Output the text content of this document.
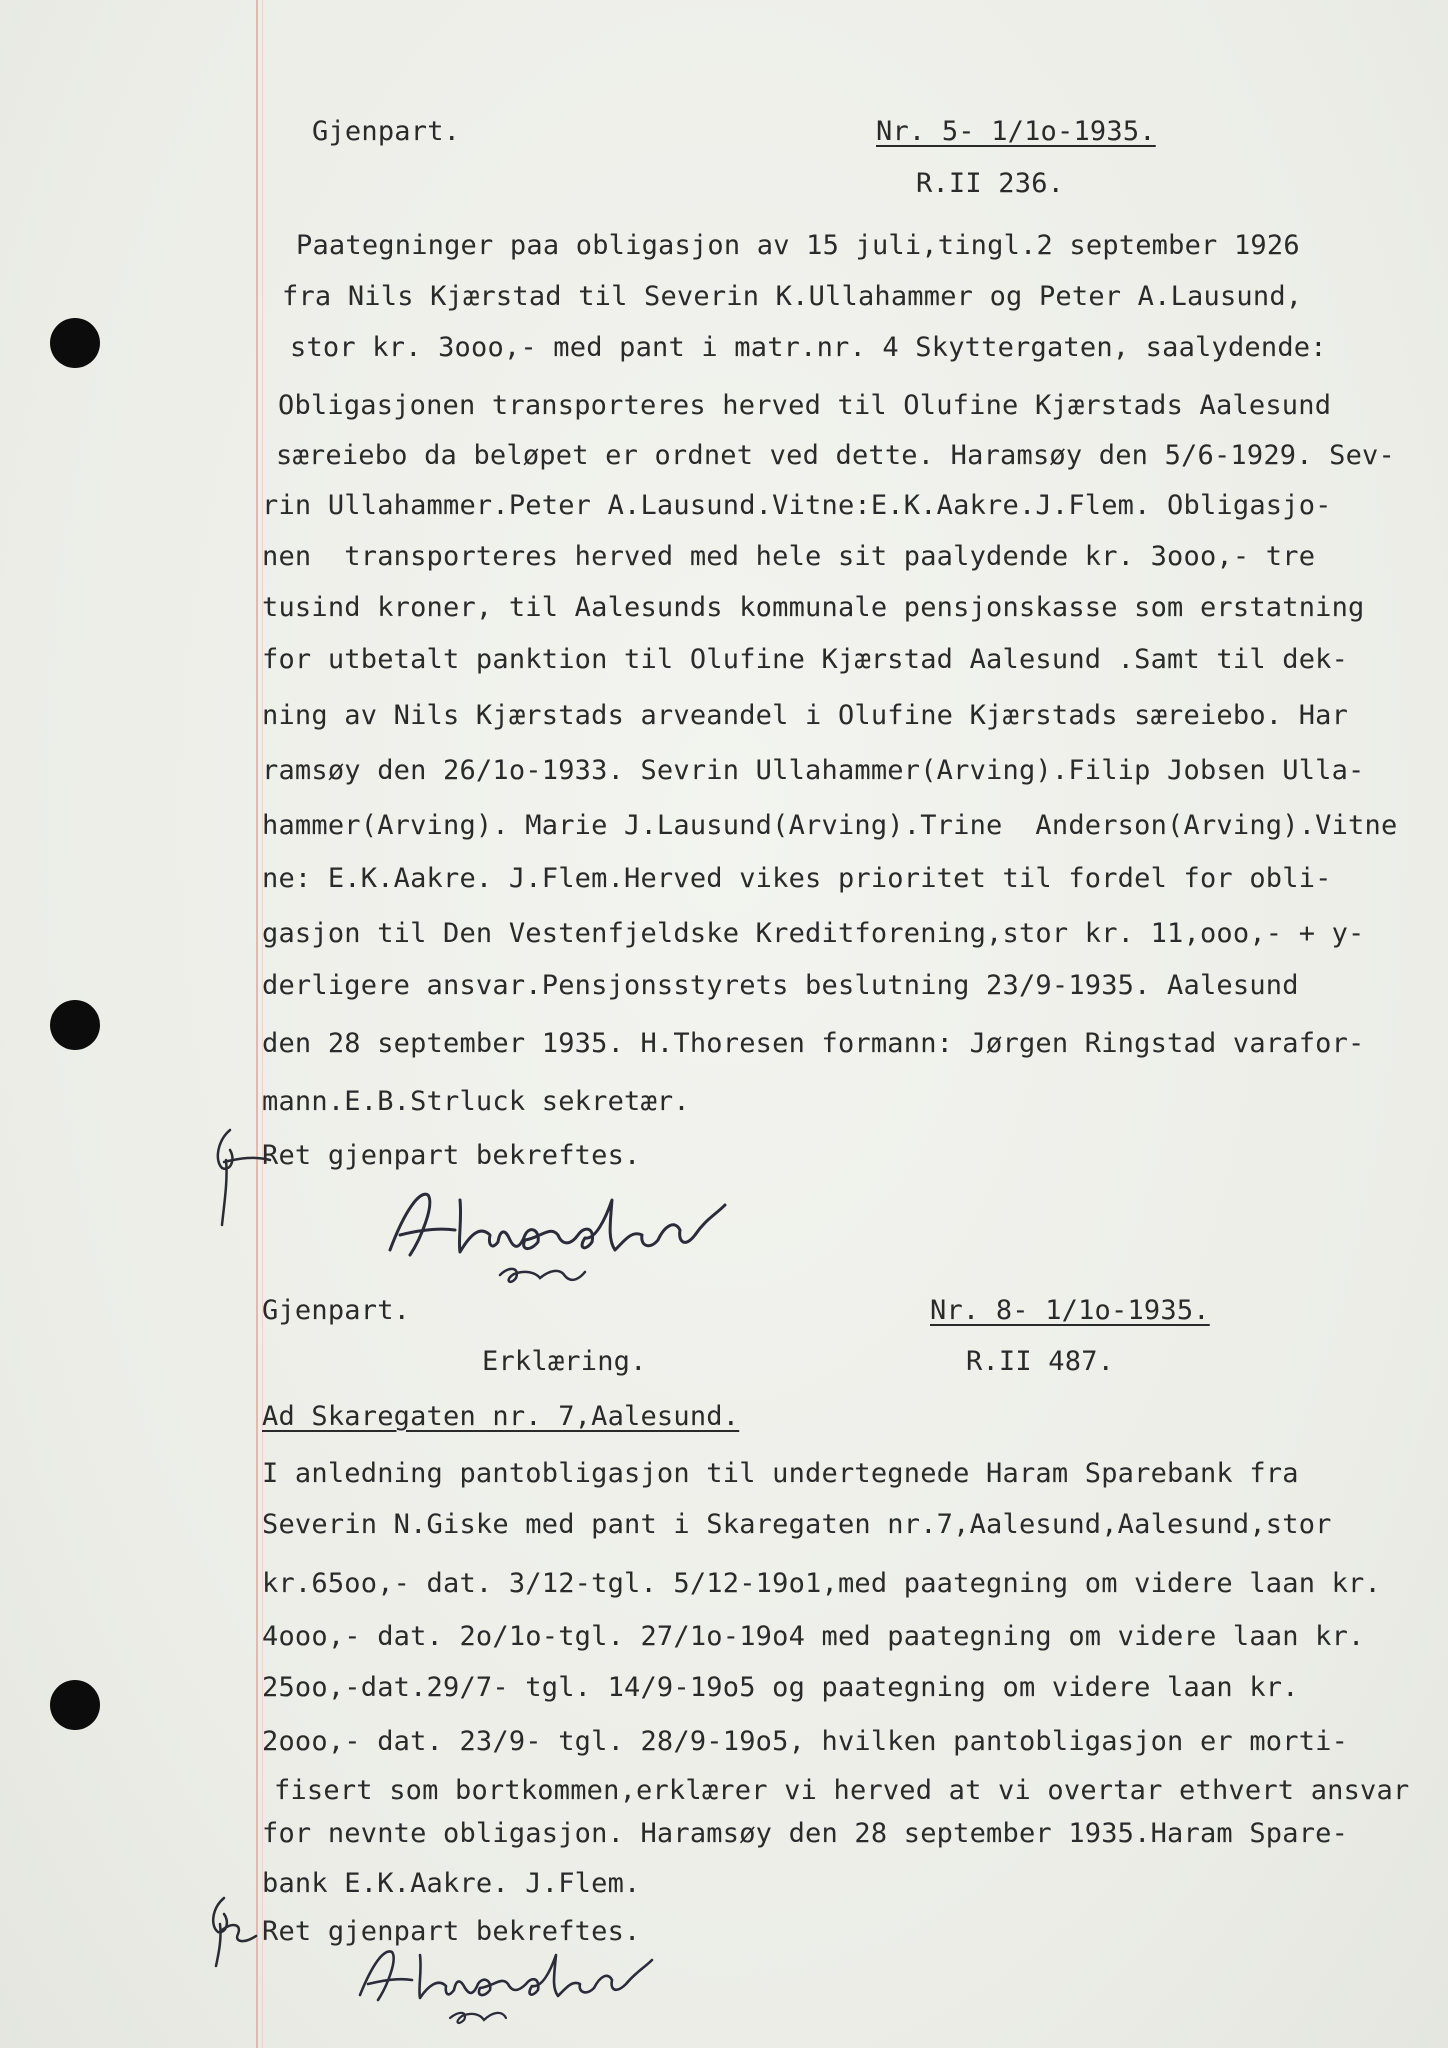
Gjenpart.	Nr. 5- 1/1o-1935.
R.II 236.
Paategninger paa obligasjon av 15 juli,tingl.2 september 1926
fra Nils Kjærstad til Severin K.Ullahammer og Peter A.Lausund,
stor kr. 3ooo,- med pant i matr.nr. 4 Skyttergaten, saalydende:
Obligasjonen transporteres herved til Olufine Kjærstads Aalesund
særeiebo da beløpet er ordnet ved dette. Haramsøy den 5/6-1929. Sev-
rin Ullahammer.Peter A.Lausund.Vitne:E.K.Aakre.J.Flem. Obligasjo-
nen  transporteres herved med hele sit paalydende kr. 3ooo,- tre
tusind kroner, til Aalesunds kommunale pensjonskasse som erstatning
for utbetalt panktion til Olufine Kjærstad Aalesund .Samt til dek-
ning av Nils Kjærstads arveandel i Olufine Kjærstads særeiebo. Har
ramsøy den 26/1o-1933. Sevrin Ullahammer(Arving).Filip Jobsen Ulla-
hammer(Arving). Marie J.Lausund(Arving).Trine  Anderson(Arving).Vitne
ne: E.K.Aakre. J.Flem.Herved vikes prioritet til fordel for obli-
gasjon til Den Vestenfjeldske Kreditforening,stor kr. 11,ooo,- + y-
derligere ansvar.Pensjonsstyrets beslutning 23/9-1935. Aalesund
den 28 september 1935. H.Thoresen formann: Jørgen Ringstad varafor-
mann.E.B.Strluck sekretær.
Ret gjenpart bekreftes.
Gjenpart.	Nr. 8- 1/1o-1935.
Erklæring.	R.II 487.
Ad Skaregaten nr. 7,Aalesund.
I anledning pantobligasjon til undertegnede Haram Sparebank fra
Severin N.Giske med pant i Skaregaten nr.7,Aalesund,Aalesund,stor
kr.65oo,- dat. 3/12-tgl. 5/12-19o1,med paategning om videre laan kr.
4ooo,- dat. 2o/1o-tgl. 27/1o-19o4 med paategning om videre laan kr.
25oo,-dat.29/7- tgl. 14/9-19o5 og paategning om videre laan kr.
2ooo,- dat. 23/9- tgl. 28/9-19o5, hvilken pantobligasjon er morti-
fisert som bortkommen,erklærer vi herved at vi overtar ethvert ansvar
for nevnte obligasjon. Haramsøy den 28 september 1935.Haram Spare-
bank E.K.Aakre. J.Flem.
Ret gjenpart bekreftes.
